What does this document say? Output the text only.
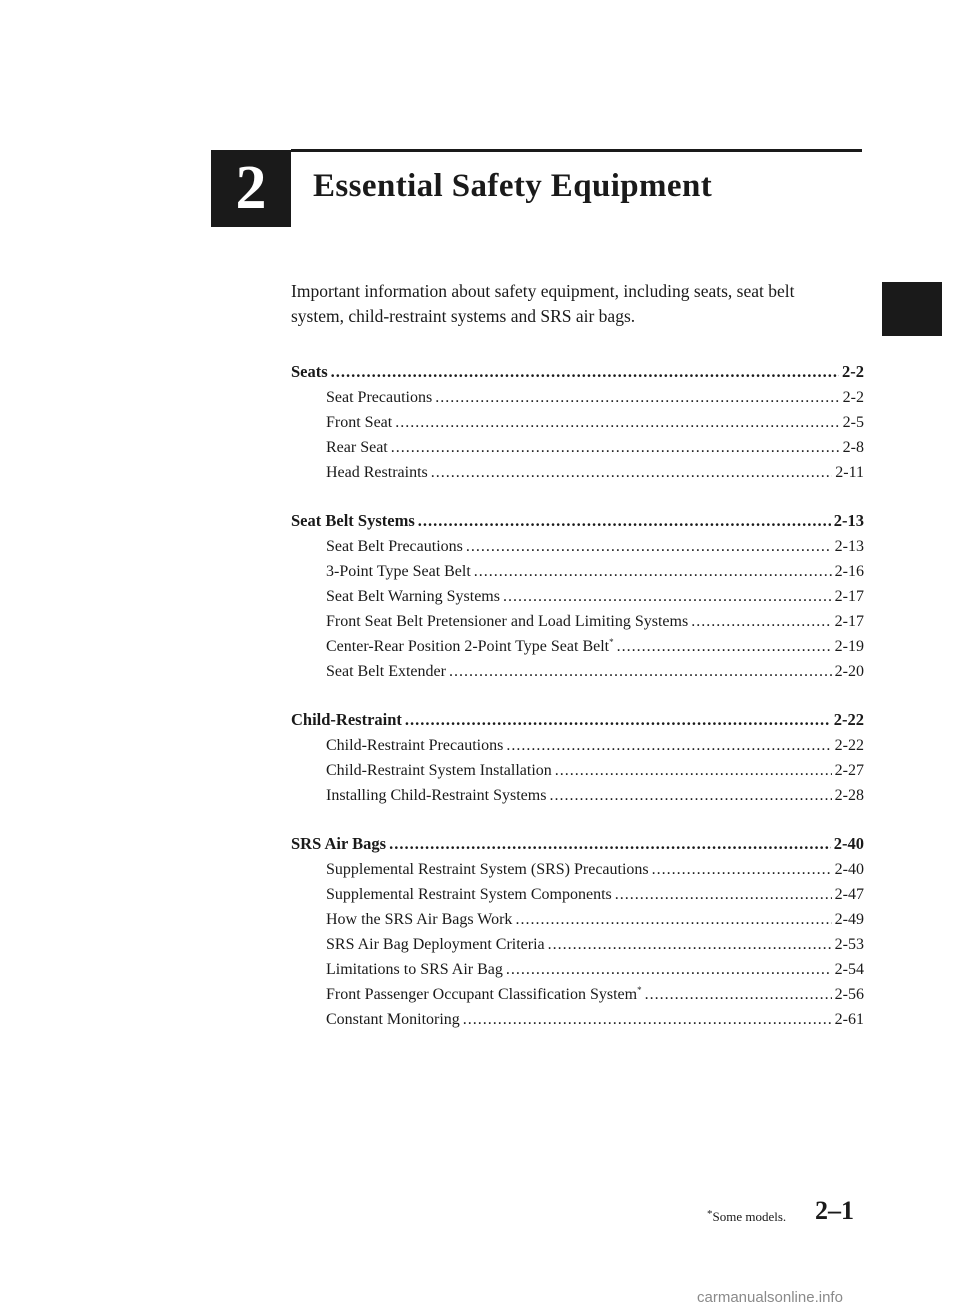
2	Essential Safety Equipment
Important information about safety equipment, including seats, seat belt
system, child-restraint systems and SRS air bags.
Seats .....	2-2
Seat Precautions .....	2-2
Front Seat .....	2-5
Rear Seat .....	2-8
Head Restraints .....	2-11
Seat Belt Systems .....	2-13
Seat Belt Precautions .....	2-13
3-Point Type Seat Belt .....	2-16
Seat Belt Warning Systems .....	2-17
Front Seat Belt Pretensioner and Load Limiting Systems .....	2-17
Center-Rear Position 2-Point Type Seat Belt* .....	2-19
Seat Belt Extender .....	2-20
Child-Restraint .....	2-22
Child-Restraint Precautions .....	2-22
Child-Restraint System Installation .....	2-27
Installing Child-Restraint Systems .....	2-28
SRS Air Bags .....	2-40
Supplemental Restraint System (SRS) Precautions .....	2-40
Supplemental Restraint System Components .....	2-47
How the SRS Air Bags Work .....	2-49
SRS Air Bag Deployment Criteria .....	2-53
Limitations to SRS Air Bag .....	2-54
Front Passenger Occupant Classification System* .....	2-56
Constant Monitoring .....	2-61
*Some models. 2–1
carmanualsonline.info
